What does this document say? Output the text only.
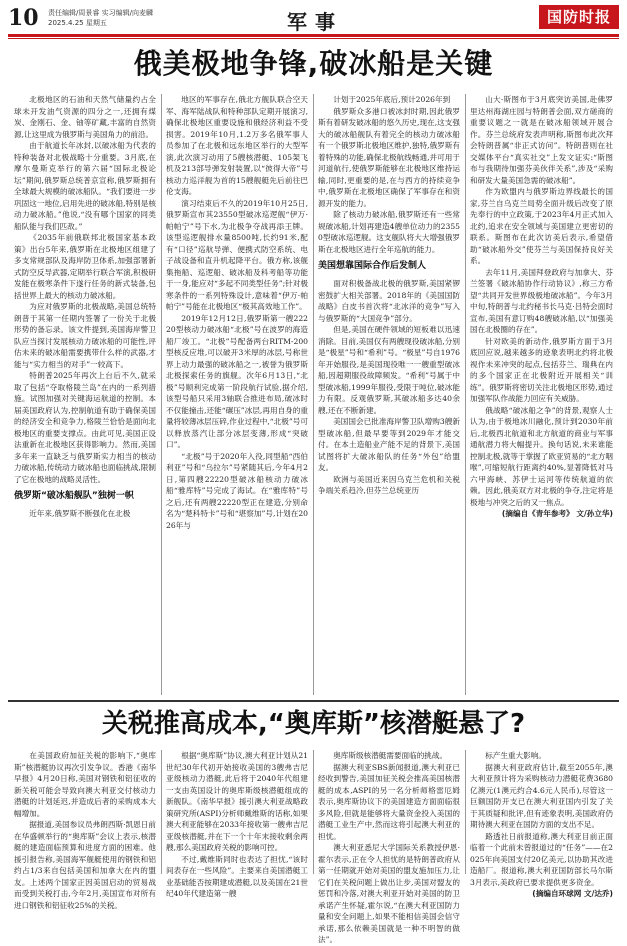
10 责任编辑/周景睿 实习编辑/向麦麟
2025.4.25 星期五	军事	国防时报
俄美极地争锋,破冰船是关键

北极地区的石油和天然气储量约占全球未开发油气资源的四分之一,还拥有煤炭、金刚石、金、铀等矿藏,丰富的自然资源,让这里成为俄罗斯与美国角力的前沿。

由于航道长年冰封,以破冰船为代表的特种装备对北极战略十分重要。3月底,在摩尔曼斯克举行的第六届“国际北极论坛”期间,俄罗斯总统普京宣称,俄罗斯拥有全球最大规模的破冰船队。“我们要进一步巩固这一地位,启用先进的破冰船,特别是核动力破冰船。”他说,“没有哪个国家的同类船队能与我们匹敌。”

《2035年前俄联邦北极国家基本政策》出台5年来,俄罗斯在北极地区组建了多支常规部队及海岸防卫体系,加强部署新式防空反导武器,定期举行联合军演,积极研发能在极寒条件下遂行任务的新式装备,包括世界上最大的核动力破冰船。

为应对俄罗斯的北极战略,美国总统特朗普于其第一任期内签署了一份关于北极形势的备忘录。该文件提到,美国海岸警卫队应当探讨发展核动力破冰船的可能性,评估未来的破冰船需要携带什么样的武器,才能与“实力相当的对手”一较高下。

特朗普2025年再次上台后不久,就采取了包括“夺取格陵兰岛”在内的一系列措施。试图加强对关键海运航道的控制。本届美国政府认为,控制航道有助于确保美国的经济安全和竞争力,格陵兰恰恰是面向北极地区的重要支撑点。由此可见,美国正设法重新在北极地区获得影响力。然而,美国多年来一直缺乏与俄罗斯实力相当的核动力破冰船,传统动力破冰船也面临挑战,限制了它在极地的战略灵活性。

俄罗斯“破冰船舰队”独树一帜

近年来,俄罗斯不断强化在北极

地区的军事存在,俄北方舰队联合空天军、海军陆战队和特种部队定期开展演习,确保北极地区重要设施和俄经济利益不受损害。2019年10月,1.2万多名俄军事人员参加了在北极和远东地区举行的大型军演,此次演习动用了5艘核潜艇、105架飞机及213部导弹发射装置,以“彼得大帝”号核动力巡洋舰为首的15艘舰艇先后前往巴伦支海。

演习结束后不久的2019年10月25日,俄罗斯宣布其23550型破冰巡逻舰“伊万·帕帕宁”号下水,为北极争夺战再添王牌。该型巡逻舰排水量8500吨,长约91米,配有“口径”巡航导弹、便携式防空系统、电子战设备和直升机起降平台。俄方称,该舰集拖船、巡逻船、破冰船及科考船等功能于一身,能应对“多起不同类型任务”;针对极寒条件的一系列特殊设计,意味着“伊万·帕帕宁”号能在北极地区“极其高效地工作”。

2019年12月12日,俄罗斯第一艘22220型核动力破冰船“北极”号在波罗的海造船厂竣工。“北极”号配备两台RITM-200型核反应堆,可以破开3米厚的冰层,号称世界上动力最强的破冰船之一,被誉为俄罗斯北极探索任务的旗舰。次年6月13日,“北极”号顺利完成第一阶段航行试验,据介绍,该型号船只采用3轴联合推进布局,破冰时不仅能撞击,还能“碾压”冰层,再用自身的重量将较薄冰层压碎,作业过程中,“北极”号可以释放蒸汽让部分冰层变薄,形成“突破口”。

“北极”号于2020年入役,同型船“西伯利亚”号和“乌拉尔”号紧随其后,今年4月2日,第四艘22220型破冰船核动力破冰船“雅库特”号完成了海试。在“雅库特”号之后,还有两艘22220型正在建造,分别命名为“楚科特卡”号和“堪察加”号,计划在2026年与

计划于2025年底后,预计2026年到

俄罗斯众多港口被冰封时期,因此俄罗斯有着研发破冰船的悠久历史,现在,这支强大的破冰船舰队有着完全的核动力破冰船有一个俄罗斯北极地区维护,独特,俄罗斯有着特殊的功能,确保北极航线畅通,并可用于河道航行,使俄罗斯能够在北极地区维持运输,同时,更重要的是,在与西方的持续竞争中,俄罗斯在北极地区确保了军事存在和资源开发的能力。

除了核动力破冰船,俄罗斯还有一些常规破冰船,计划再建造4艘单位动力的23550型破冰巡逻舰。这支舰队将大大增强俄罗斯在北极地区进行全年巡航的能力。

美国想靠国际合作后发制人

面对积极备战北极的俄罗斯,美国紧锣密鼓扩大相关部署。2018年的《美国国防战略》白皮书首次将“北冰洋的竞争”写入与俄罗斯的“大国竞争”部分。

但是,美国在硬件领域的短板难以迅速消除。目前,美国仅有两艘现役破冰船,分别是“极星”号和“希利”号。“极星”号自1976年开始服役,是美国现役唯一一艘重型破冰船,因超期服役故障频发。“希利”号属于中型破冰船,1999年服役,受限于吨位,破冰能力有限。反观俄罗斯,其破冰船多达40余艘,还在不断新建。

美国国会已批准海岸警卫队增购3艘新型破冰船,但最早要等到2029年才能交付。在本土造船业产能不足的背景下,美国试图将扩大破冰船队的任务“外包”给盟友。

欧洲与美国近来因乌克兰危机和关税争端关系趋冷,但芬兰总统亚历

山大·斯图布于3月底突访美国,赴佛罗里达州海湖庄园与特朗普会面,双方磋商的重要议题之一就是在破冰船领域开展合作。芬兰总统府发表声明称,斯图布此次拜会特朗普属“非正式访问”。特朗普则在社交媒体平台“真实社交”上发文证实:“斯图布与我期待加强芬美伙伴关系”,涉及“采购和研发大量美国急需的破冰船”。

作为欧盟内与俄罗斯边界线最长的国家,芬兰自乌克兰局势全面升级后改变了原先奉行的中立政策,于2023年4月正式加入北约,追求在安全领域与美国建立更密切的联系。斯图布在此次访美后表示,希望借助“破冰船外交”使芬兰与美国保持良好关系。

去年11月,美国拜登政府与加拿大、芬兰签署《破冰船协作行动协议》,称三方希望“共同开发世界级极地破冰船”。今年3月中旬,特朗普与北约秘书长马克·吕特会面时宣布,美国有意订购48艘破冰船,以“加强美国在北极圈的存在”。

针对欧美的新动作,俄罗斯方面于3月底回应说,越来越多的迹象表明北约将北极视作未来冲突的起点,包括芬兰、瑞典在内的多个国家正在北极附近开展相关“训练”。俄罗斯将密切关注北极地区形势,通过加强军队作战能力回应有关威胁。

俄战略“破冰船之争”的背景,观察人士认为,由于极地冰川融化,预计到2030年前后,北极西北航道和北方航道的商业与军事通航潜力将大幅提升。换句话说,未来谁能控制北极,就等于掌握了欧亚贸易的“北方咽喉”,可缩短航行距离约40%,显著降低对马六甲海峡、苏伊士运河等传统航道的依赖。因此,俄美双方对北极的争夺,注定将是极地与冲突之后的又一焦点。

(摘编自《青年参考》 文/孙立华)

关税推高成本,“奥库斯”核潜艇悬了?

在美国政府加征关税的影响下,“奥库斯”核潜艇协议再次引发争议。香港《南华早报》4月20日称,美国对钢铁和铝征收的新关税可能会导致向澳大利亚交付核动力潜艇的计划延迟,并造成后者的采购成本大幅增加。

据报道,美国参议员弗朗西斯·凯恩日前在华盛顿举行的“奥库斯”会议上表示,核潜艇的建造面临预算和进度方面的困难。他援引报告称,美国海军舰艇使用的钢铁和铝约占1/3来自包括美国和加拿大在内的盟友。上述两个国家正因美国启动的贸易战而受到关税打击,今年2月,美国宣布对所有进口钢铁和铝征收25%的关税。

根据“奥库斯”协议,澳大利亚计划从21世纪30年代初开始接收美国的3艘弗吉尼亚级核动力潜艇,此后将于2040年代组建一支由英国设计的奥库斯级核潜艇组成的新舰队。《南华早报》援引澳大利亚战略政策研究所(ASPI)分析师戴维斯的话称,如果澳大利亚能够在2033年接收第一艘弗吉尼亚级核潜艇,并在下一个十年末接收剩余两艘,那么美国政府关税的影响可控。

不过,戴维斯同时也表达了担忧,“该时间表存在一些风险”。主要来自美国潜艇工业基础能否按期建成潜艇,以及美国在21世纪40年代建造第一艘

奥库斯级核潜艇需要面临的挑战。

据澳大利亚SBS新闻报道,澳大利亚已经收到警告,美国加征关税会推高美国核潜艇的成本,ASPI的另一名分析师格雷厄姆表示,奥库斯协议下的美国建造方面面临很多风险,但就是能够将大量资金投入美国的潜艇工业生产中,然而这将引起澳大利亚的担忧。

澳大利亚悉尼大学国际关系教授伊恩·霍尔表示,正在令人担忧的是特朗普政府从第一任期就开始对美国的盟友施加压力,让它们在关税问题上做出让步,美国对盟友的惩罚和冷落,对澳大利亚开始对美国的防卫承诺产生怀疑,霍尔说,“在澳大利亚国防力量和安全问题上,如果不能相信美国会信守承诺,那么依赖美国就是一种不明智的做法”。

标产生重大影响。

据澳大利亚政府估计,截至2055年,澳大利亚预计将为采购核动力潜艇花费3680亿澳元(1澳元约合4.6元人民币),尽管这一巨额国防开支已在澳大利亚国内引发了关于其质疑和批评,但有迹象表明,美国政府仍期待澳大利亚在国防方面的支出不足。

路透社日前报道称,澳大利亚目前正面临着一个此前未曾报道过的“任务”——在2025年向美国支付20亿美元,以协助其改进造船厂。报道称,澳大利亚国防部长马尔斯3月表示,美政府已要求提供更多资金。

(摘编自环球网 文/达乔)
